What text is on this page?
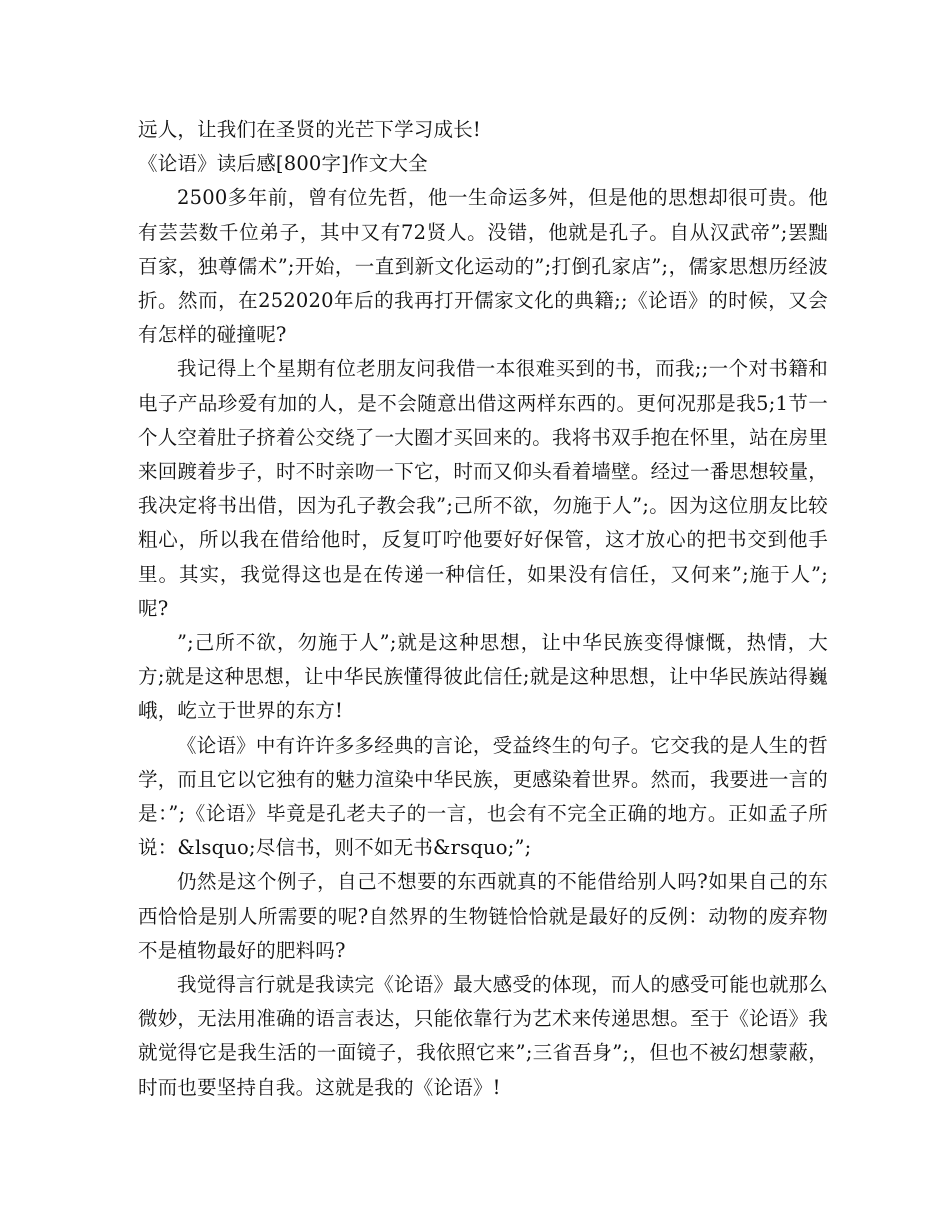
远人，让我们在圣贤的光芒下学习成长!

《论语》读后感[800字]作文大全

2500多年前，曾有位先哲，他一生命运多舛，但是他的思想却很可贵。他有芸芸数千位弟子，其中又有72贤人。没错，他就是孔子。自从汉武帝”;罢黜百家，独尊儒术”;开始，一直到新文化运动的”;打倒孔家店”;，儒家思想历经波折。然而，在252020年后的我再打开儒家文化的典籍;;《论语》的时候，又会有怎样的碰撞呢?

我记得上个星期有位老朋友问我借一本很难买到的书，而我;;一个对书籍和电子产品珍爱有加的人，是不会随意出借这两样东西的。更何况那是我5;1节一个人空着肚子挤着公交绕了一大圈才买回来的。我将书双手抱在怀里，站在房里来回踱着步子，时不时亲吻一下它，时而又仰头看着墙壁。经过一番思想较量，我决定将书出借，因为孔子教会我”;己所不欲，勿施于人”;。因为这位朋友比较粗心，所以我在借给他时，反复叮咛他要好好保管，这才放心的把书交到他手里。其实，我觉得这也是在传递一种信任，如果没有信任，又何来”;施于人”;呢?

”;己所不欲，勿施于人”;就是这种思想，让中华民族变得慷慨，热情，大方;就是这种思想，让中华民族懂得彼此信任;就是这种思想，让中华民族站得巍峨，屹立于世界的东方!

《论语》中有许许多多经典的言论，受益终生的句子。它交我的是人生的哲学，而且它以它独有的魅力渲染中华民族，更感染着世界。然而，我要进一言的是：”;《论语》毕竟是孔老夫子的一言，也会有不完全正确的地方。正如孟子所说：&lsquo;尽信书，则不如无书&rsquo;”;

仍然是这个例子，自己不想要的东西就真的不能借给别人吗?如果自己的东西恰恰是别人所需要的呢?自然界的生物链恰恰就是最好的反例：动物的废弃物不是植物最好的肥料吗?

我觉得言行就是我读完《论语》最大感受的体现，而人的感受可能也就那么微妙，无法用准确的语言表达，只能依靠行为艺术来传递思想。至于《论语》我就觉得它是我生活的一面镜子，我依照它来”;三省吾身”;，但也不被幻想蒙蔽，时而也要坚持自我。这就是我的《论语》!
